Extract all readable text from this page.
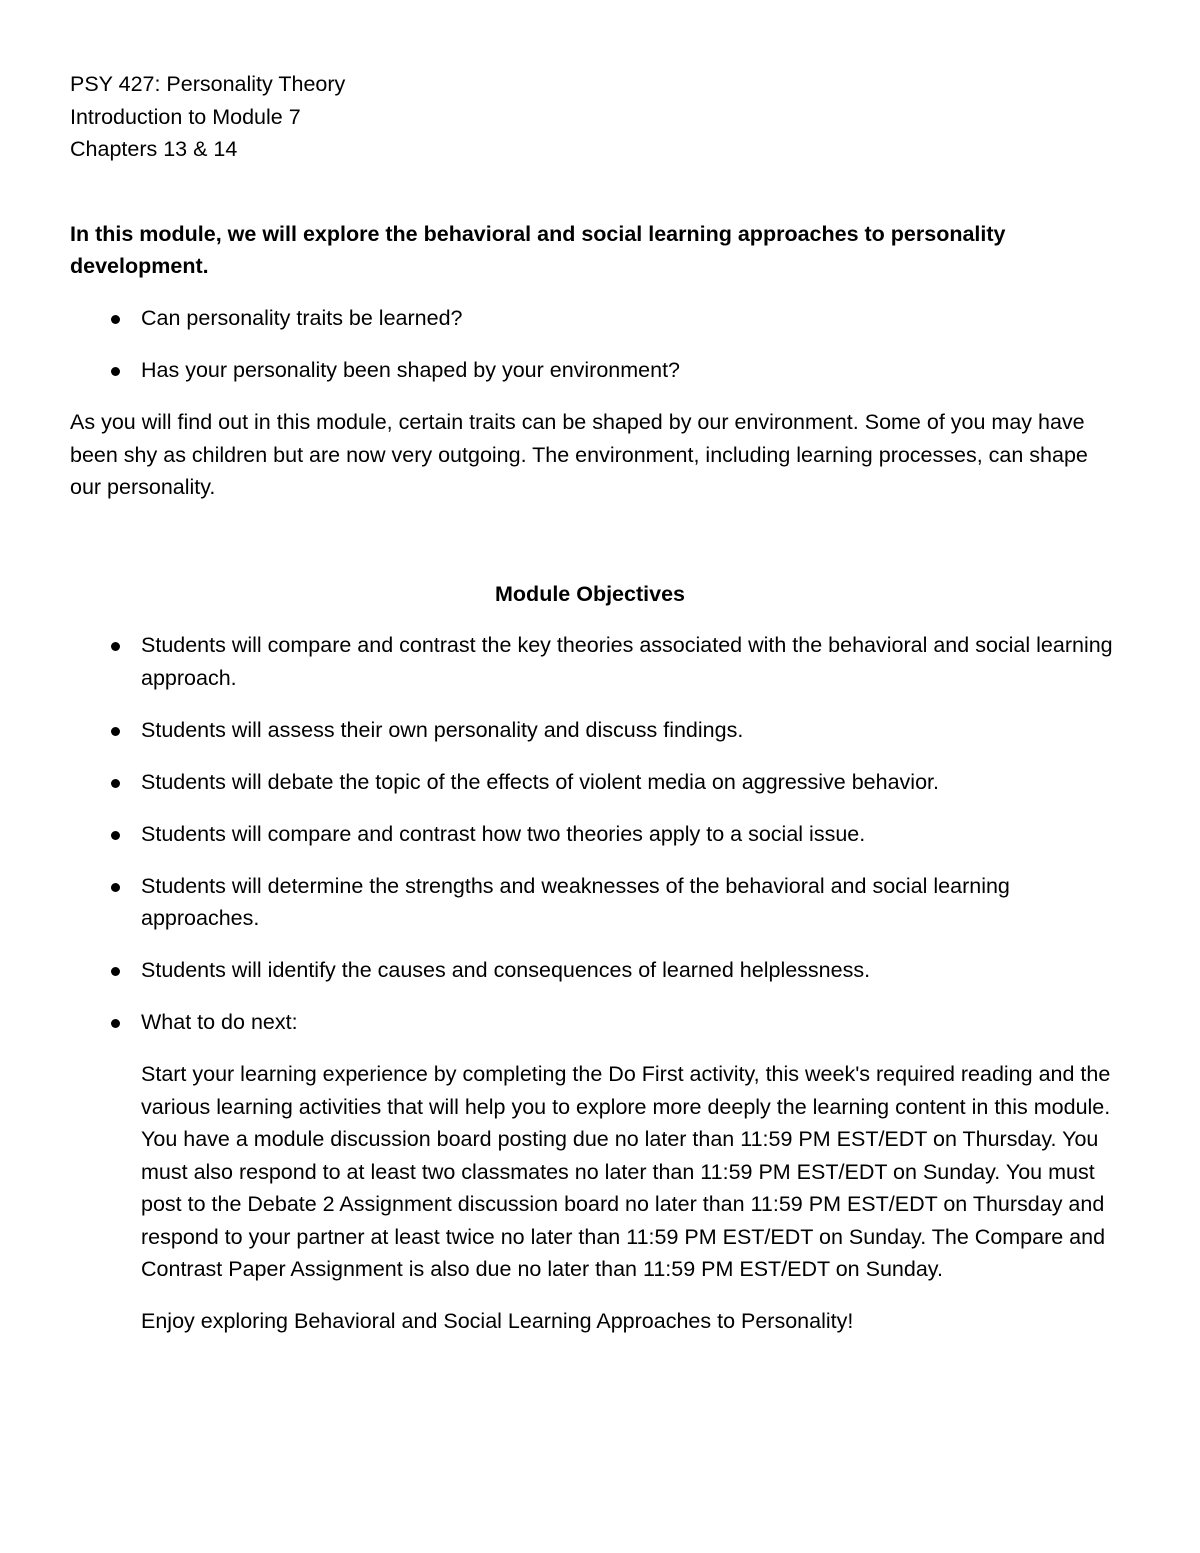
PSY 427: Personality Theory

Introduction to Module 7

Chapters 13 & 14

In this module, we will explore the behavioral and social learning approaches to personality development.

Can personality traits be learned?
Has your personality been shaped by your environment?

As you will find out in this module, certain traits can be shaped by our environment. Some of you may have been shy as children but are now very outgoing. The environment, including learning processes, can shape our personality.

Module Objectives

Students will compare and contrast the key theories associated with the behavioral and social learning approach.
Students will assess their own personality and discuss findings.
Students will debate the topic of the effects of violent media on aggressive behavior.
Students will compare and contrast how two theories apply to a social issue.
Students will determine the strengths and weaknesses of the behavioral and social learning approaches.
Students will identify the causes and consequences of learned helplessness.
What to do next:

Start your learning experience by completing the Do First activity, this week's required reading and the various learning activities that will help you to explore more deeply the learning content in this module. You have a module discussion board posting due no later than 11:59 PM EST/EDT on Thursday. You must also respond to at least two classmates no later than 11:59 PM EST/EDT on Sunday. You must post to the Debate 2 Assignment discussion board no later than 11:59 PM EST/EDT on Thursday and respond to your partner at least twice no later than 11:59 PM EST/EDT on Sunday. The Compare and Contrast Paper Assignment is also due no later than 11:59 PM EST/EDT on Sunday.

Enjoy exploring Behavioral and Social Learning Approaches to Personality!
